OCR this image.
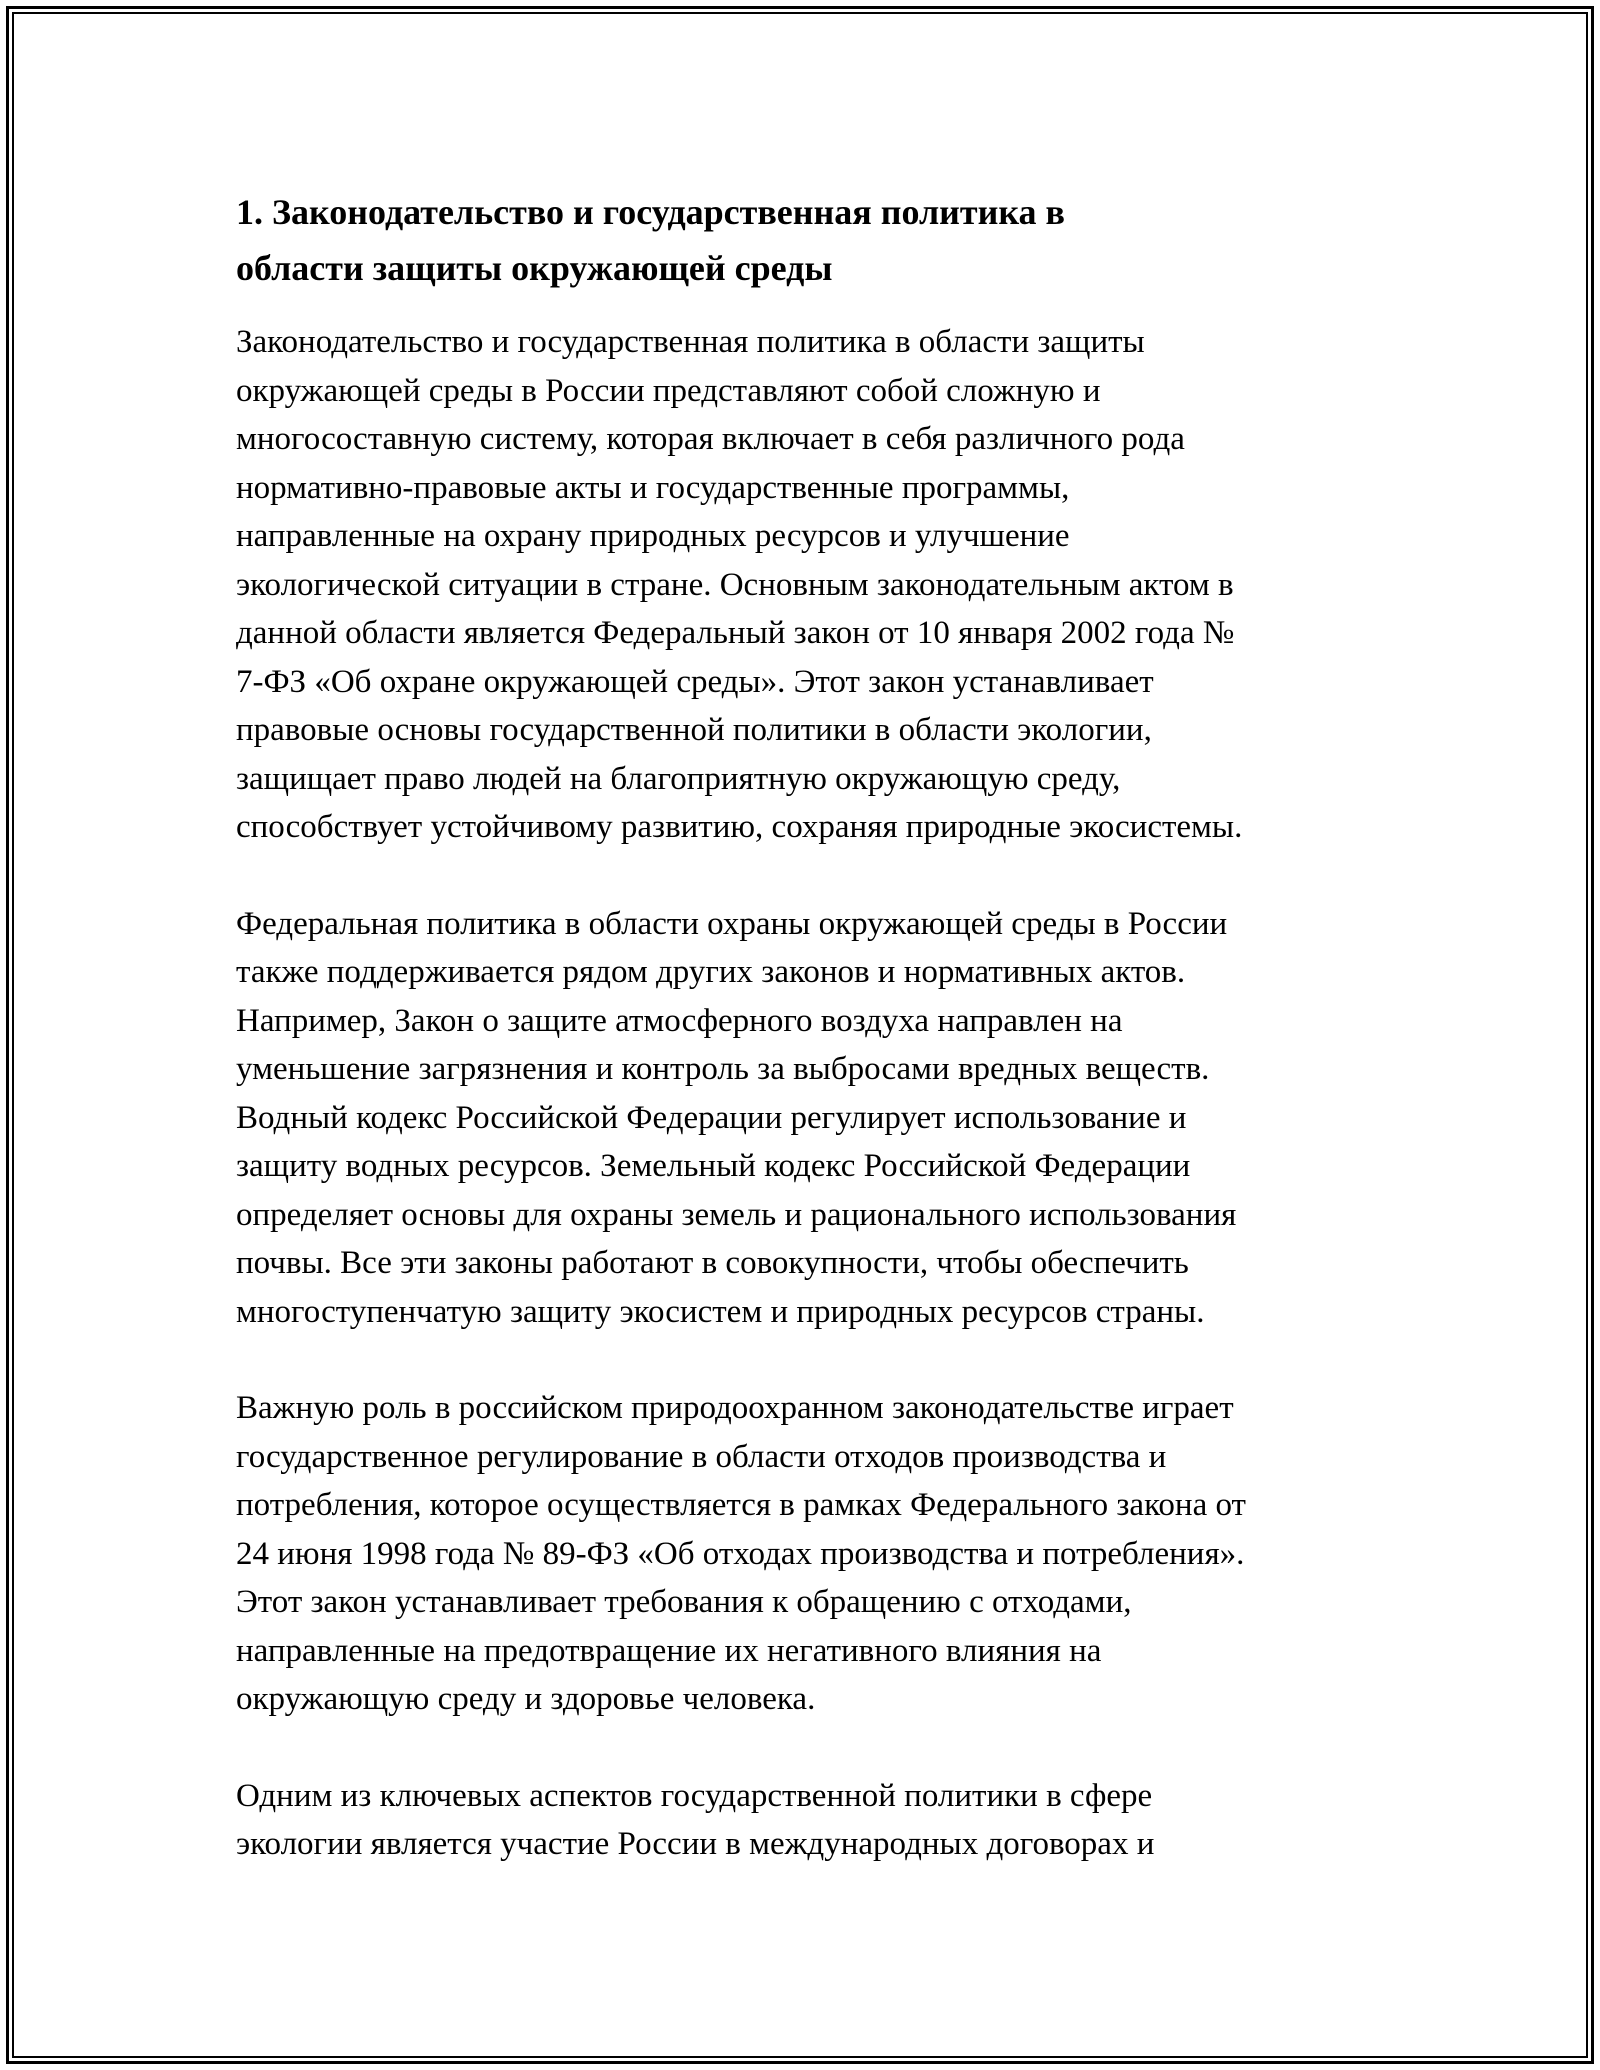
1. Законодательство и государственная политика в
области защиты окружающей среды

Законодательство и государственная политика в области защиты
окружающей среды в России представляют собой сложную и
многосоставную систему, которая включает в себя различного рода
нормативно-правовые акты и государственные программы,
направленные на охрану природных ресурсов и улучшение
экологической ситуации в стране. Основным законодательным актом в
данной области является Федеральный закон от 10 января 2002 года №
7-ФЗ «Об охране окружающей среды». Этот закон устанавливает
правовые основы государственной политики в области экологии,
защищает право людей на благоприятную окружающую среду,
способствует устойчивому развитию, сохраняя природные экосистемы.

Федеральная политика в области охраны окружающей среды в России
также поддерживается рядом других законов и нормативных актов.
Например, Закон о защите атмосферного воздуха направлен на
уменьшение загрязнения и контроль за выбросами вредных веществ.
Водный кодекс Российской Федерации регулирует использование и
защиту водных ресурсов. Земельный кодекс Российской Федерации
определяет основы для охраны земель и рационального использования
почвы. Все эти законы работают в совокупности, чтобы обеспечить
многоступенчатую защиту экосистем и природных ресурсов страны.

Важную роль в российском природоохранном законодательстве играет
государственное регулирование в области отходов производства и
потребления, которое осуществляется в рамках Федерального закона от
24 июня 1998 года № 89-ФЗ «Об отходах производства и потребления».
Этот закон устанавливает требования к обращению с отходами,
направленные на предотвращение их негативного влияния на
окружающую среду и здоровье человека.

Одним из ключевых аспектов государственной политики в сфере
экологии является участие России в международных договорах и
